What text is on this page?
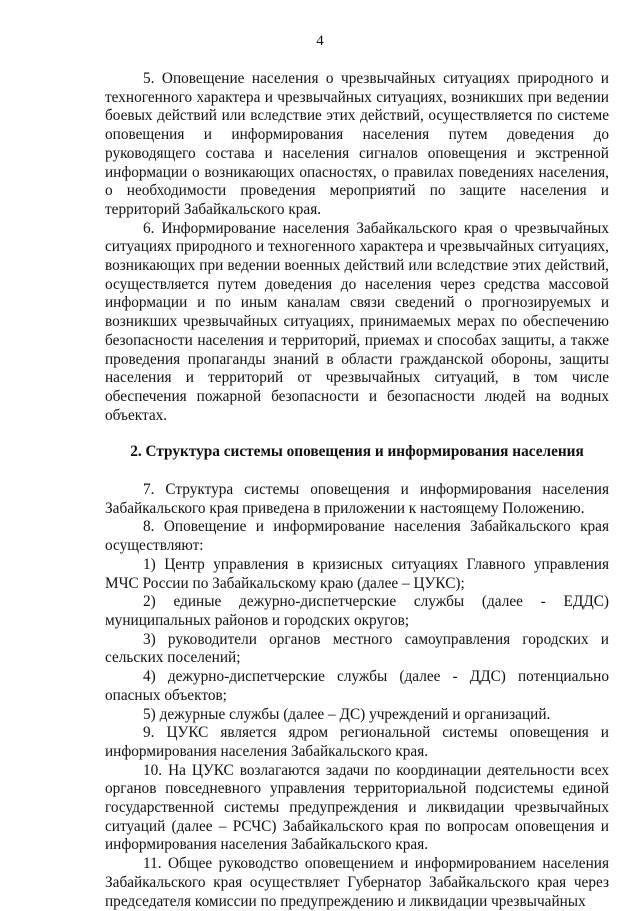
4

5. Оповещение населения о чрезвычайных ситуациях природного и техногенного характера и чрезвычайных ситуациях, возникших при ведении боевых действий или вследствие этих действий, осуществляется по системе оповещения и информирования населения путем доведения до руководящего состава и населения сигналов оповещения и экстренной информации о возникающих опасностях, о правилах поведениях населения, о необходимости проведения мероприятий по защите населения и территорий Забайкальского края.

6. Информирование населения Забайкальского края о чрезвычайных ситуациях природного и техногенного характера и чрезвычайных ситуациях, возникающих при ведении военных действий или вследствие этих действий, осуществляется путем доведения до населения через средства массовой информации и по иным каналам связи сведений о прогнозируемых и возникших чрезвычайных ситуациях, принимаемых мерах по обеспечению безопасности населения и территорий, приемах и способах защиты, а также проведения пропаганды знаний в области гражданской обороны, защиты населения и территорий от чрезвычайных ситуаций, в том числе обеспечения пожарной безопасности и безопасности людей на водных объектах.

2. Структура системы оповещения и информирования населения

7. Структура системы оповещения и информирования населения Забайкальского края приведена в приложении к настоящему Положению.

8. Оповещение и информирование населения Забайкальского края осуществляют:

1) Центр управления в кризисных ситуациях Главного управления МЧС России по Забайкальскому краю (далее – ЦУКС);

2) единые дежурно-диспетчерские службы (далее - ЕДДС) муниципальных районов и городских округов;

3) руководители органов местного самоуправления городских и сельских поселений;

4) дежурно-диспетчерские службы (далее - ДДС) потенциально опасных объектов;

5) дежурные службы (далее – ДС) учреждений и организаций.

9. ЦУКС является ядром региональной системы оповещения и информирования населения Забайкальского края.

10. На ЦУКС возлагаются задачи по координации деятельности всех органов повседневного управления территориальной подсистемы единой государственной системы предупреждения и ликвидации чрезвычайных ситуаций (далее – РСЧС) Забайкальского края по вопросам оповещения и информирования населения Забайкальского края.

11. Общее руководство оповещением и информированием населения Забайкальского края осуществляет Губернатор Забайкальского края через председателя комиссии по предупреждению и ликвидации чрезвычайных
